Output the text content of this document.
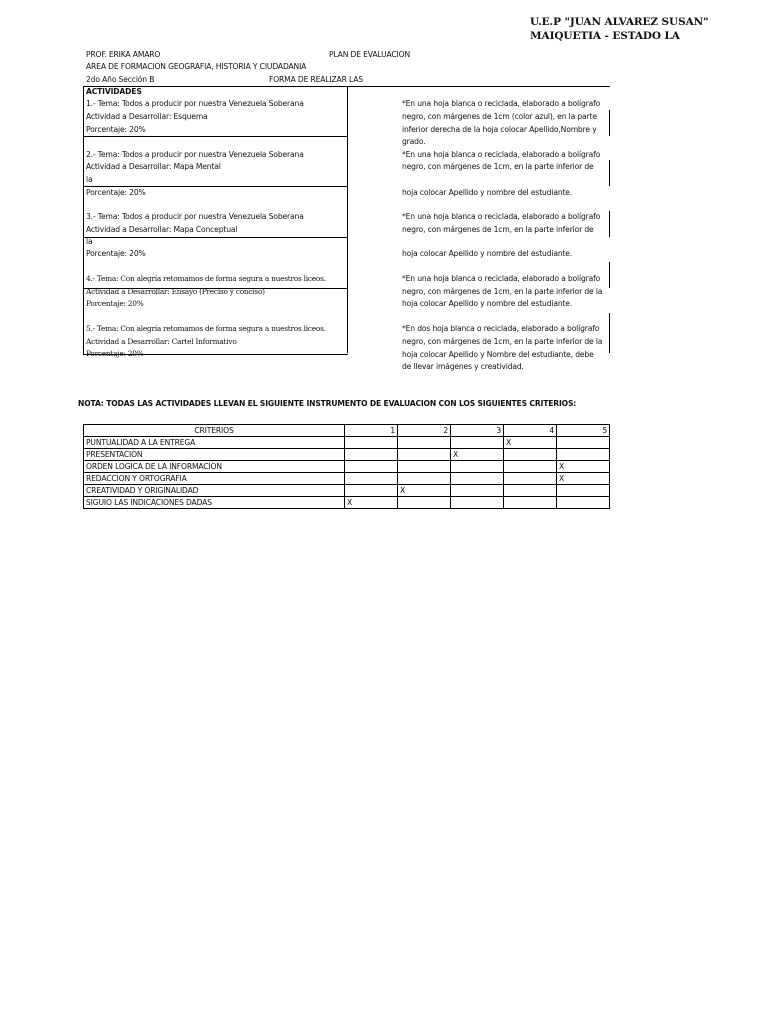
U.E.P "JUAN ALVAREZ SUSAN"
MAIQUETIA - ESTADO LA
PROF. ERIKA AMARO	PLAN DE EVALUACION
AREA DE FORMACION GEOGRAFIA, HISTORIA Y CIUDADANIA
2do Año Sección B	FORMA DE REALIZAR LAS
ACTIVIDADES
1.- Tema: Todos a producir por nuestra Venezuela Soberana
Actividad a Desarrollar: Esquema
Porcentaje: 20%
*En una hoja blanca o reciclada, elaborado a bolígrafo
negro, con márgenes de 1cm (color azul), en la parte
inferior derecha de la hoja colocar Apellido,Nombre y
grado.
2.- Tema: Todos a producir por nuestra Venezuela Soberana
Actividad a Desarrollar: Mapa Mental
la
Porcentaje: 20%
*En una hoja blanca o reciclada, elaborado a bolígrafo
negro, con márgenes de 1cm, en la parte inferior de
hoja colocar Apellido y nombre del estudiante.
3.- Tema: Todos a producir por nuestra Venezuela Soberana
Actividad a Desarrollar: Mapa Conceptual
la
Porcentaje: 20%
*En una hoja blanca o reciclada, elaborado a bolígrafo
negro, con márgenes de 1cm, en la parte inferior de
hoja colocar Apellido y nombre del estudiante.
4.- Tema: Con alegría retomamos de forma segura a nuestros liceos.
Actividad a Desarrollar: Ensayo (Preciso y conciso)
Porcentaje: 20%
*En una hoja blanca o reciclada, elaborado a bolígrafo
negro, con márgenes de 1cm, en la parte inferior de la
hoja colocar Apellido y nombre del estudiante.
5.- Tema: Con alegría retomamos de forma segura a nuestros liceos.
Actividad a Desarrollar: Cartel Informativo
Porcentaje: 20%
*En dos hoja blanca o reciclada, elaborado a bolígrafo
negro, con márgenes de 1cm, en la parte inferior de la
hoja colocar Apellido y Nombre del estudiante, debe
de llevar imágenes y creatividad.
NOTA: TODAS LAS ACTIVIDADES LLEVAN EL SIGUIENTE INSTRUMENTO DE EVALUACION CON LOS SIGUIENTES CRITERIOS:
CRITERIOS	1	2	3	4	5
PUNTUALIDAD A LA ENTREGA				X	
PRESENTACION			X		
ORDEN LOGICA DE LA INFORMACION					X
REDACCION Y ORTOGRAFIA					X
CREATIVIDAD Y ORIGINALIDAD		X			
SIGUIO LAS INDICACIONES DADAS	X				
